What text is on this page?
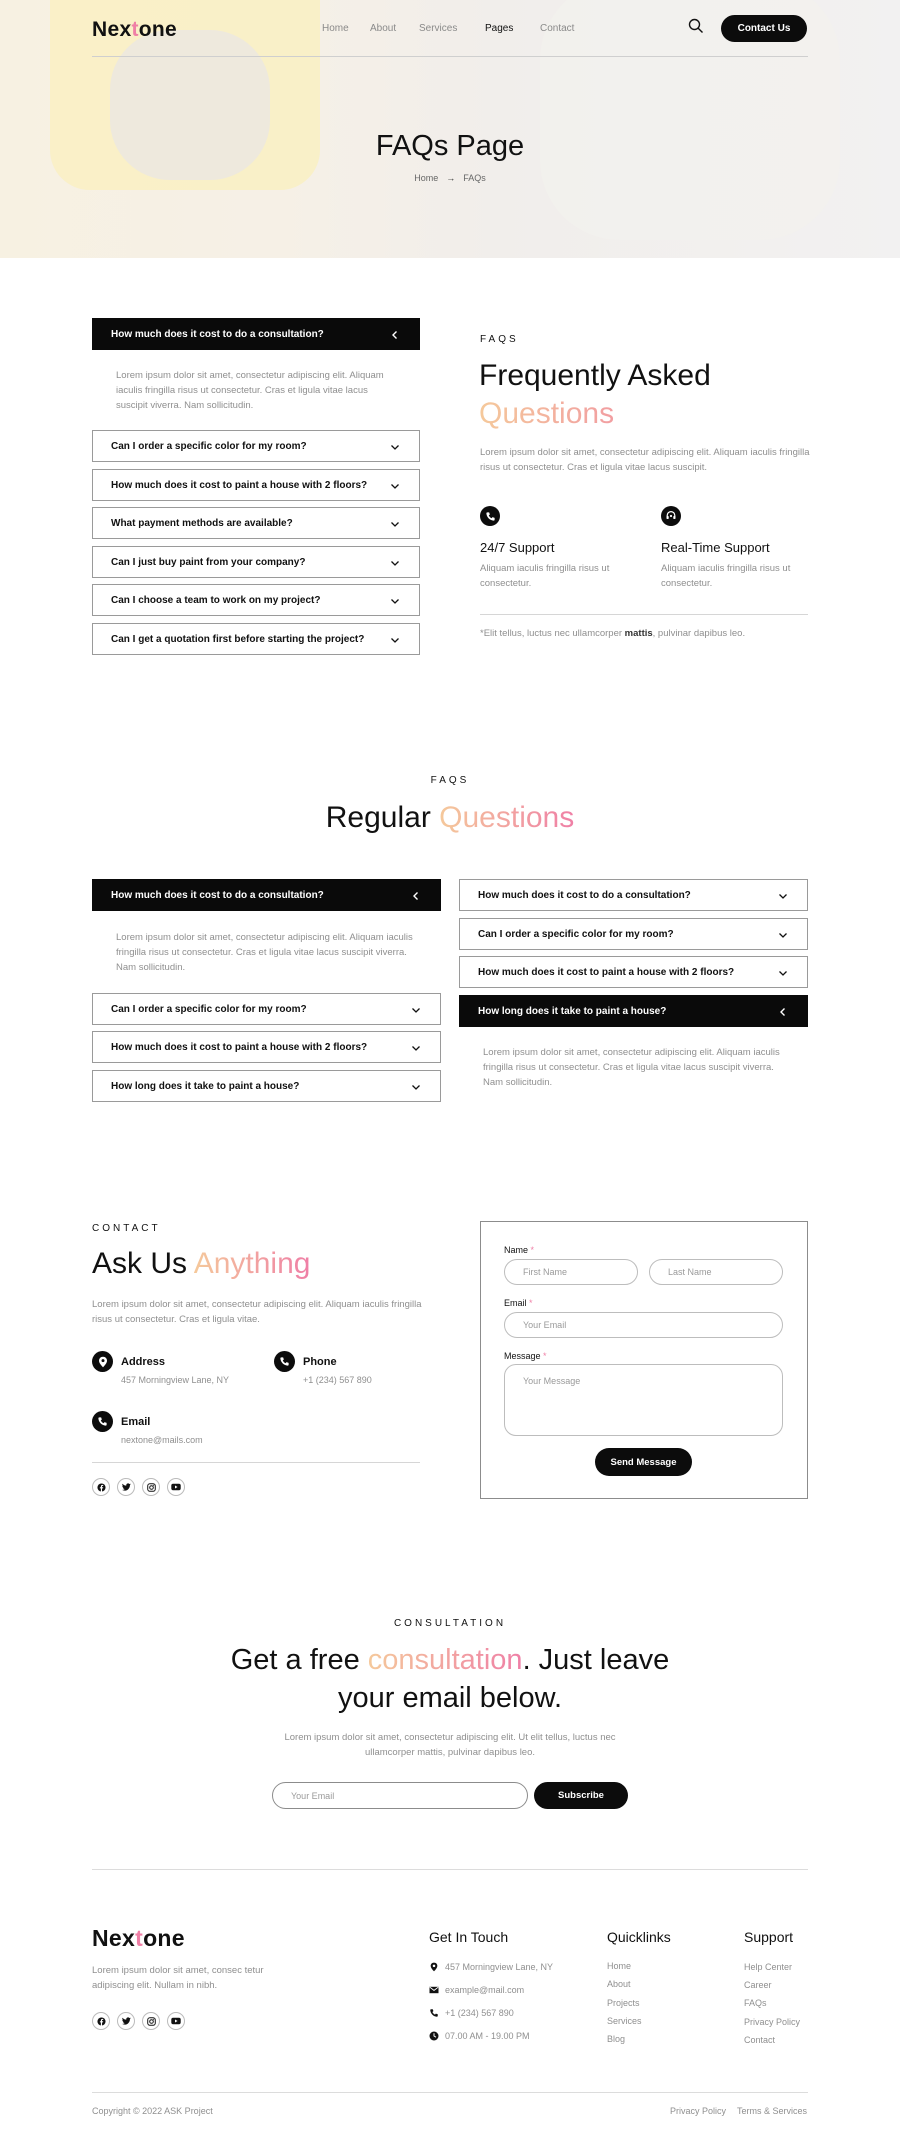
Nextone	Home About Services	Pages	Contact	Contact Us
FAQs Page
Home → FAQs
How much does it cost to do a consultation?

Lorem ipsum dolor sit amet, consectetur adipiscing elit. Aliquam iaculis fringilla risus ut consectetur. Cras et ligula vitae lacus suscipit viverra. Nam sollicitudin.

Can I order a specific color for my room?
How much does it cost to paint a house with 2 floors?
What payment methods are available?
Can I just buy paint from your company?
Can I choose a team to work on my project?
Can I get a quotation first before starting the project?
FAQS
Frequently Asked
Questions

Lorem ipsum dolor sit amet, consectetur adipiscing elit. Aliquam iaculis fringilla risus ut consectetur. Cras et ligula vitae lacus suscipit.

24/7 Support

Aliquam iaculis fringilla risus ut consectetur.

Real-Time Support

Aliquam iaculis fringilla risus ut consectetur.

*Elit tellus, luctus nec ullamcorper mattis, pulvinar dapibus leo.

FAQS
Regular Questions
How much does it cost to do a consultation?

Lorem ipsum dolor sit amet, consectetur adipiscing elit. Aliquam iaculis fringilla risus ut consectetur. Cras et ligula vitae lacus suscipit viverra. Nam sollicitudin.

Can I order a specific color for my room?
How much does it cost to paint a house with 2 floors?
How long does it take to paint a house?
How much does it cost to do a consultation?
Can I order a specific color for my room?
How much does it cost to paint a house with 2 floors?
How long does it take to paint a house?

Lorem ipsum dolor sit amet, consectetur adipiscing elit. Aliquam iaculis fringilla risus ut consectetur. Cras et ligula vitae lacus suscipit viverra. Nam sollicitudin.

CONTACT
Ask Us Anything

Lorem ipsum dolor sit amet, consectetur adipiscing elit. Aliquam iaculis fringilla risus ut consectetur. Cras et ligula vitae.

Address
457 Morningview Lane, NY
Phone
+1 (234) 567 890
Email
nextone@mails.com
Name *
First Name	Last Name
Email *
Your Email
Message *
Your Message
Send Message
CONSULTATION
Get a free consultation. Just leave
your email below.

Lorem ipsum dolor sit amet, consectetur adipiscing elit. Ut elit tellus, luctus nec ullamcorper mattis, pulvinar dapibus leo.

Your Email	Subscribe
Nextone

Lorem ipsum dolor sit amet, consec tetur adipiscing elit. Nullam in nibh.

Get In Touch
457 Morningview Lane, NY
example@mail.com
+1 (234) 567 890
07.00 AM - 19.00 PM
Quicklinks
Home
About
Projects
Services
Blog
Support
Help Center
Career
FAQs
Privacy Policy
Contact
Copyright © 2022 ASK Project	Privacy Policy Terms & Services
